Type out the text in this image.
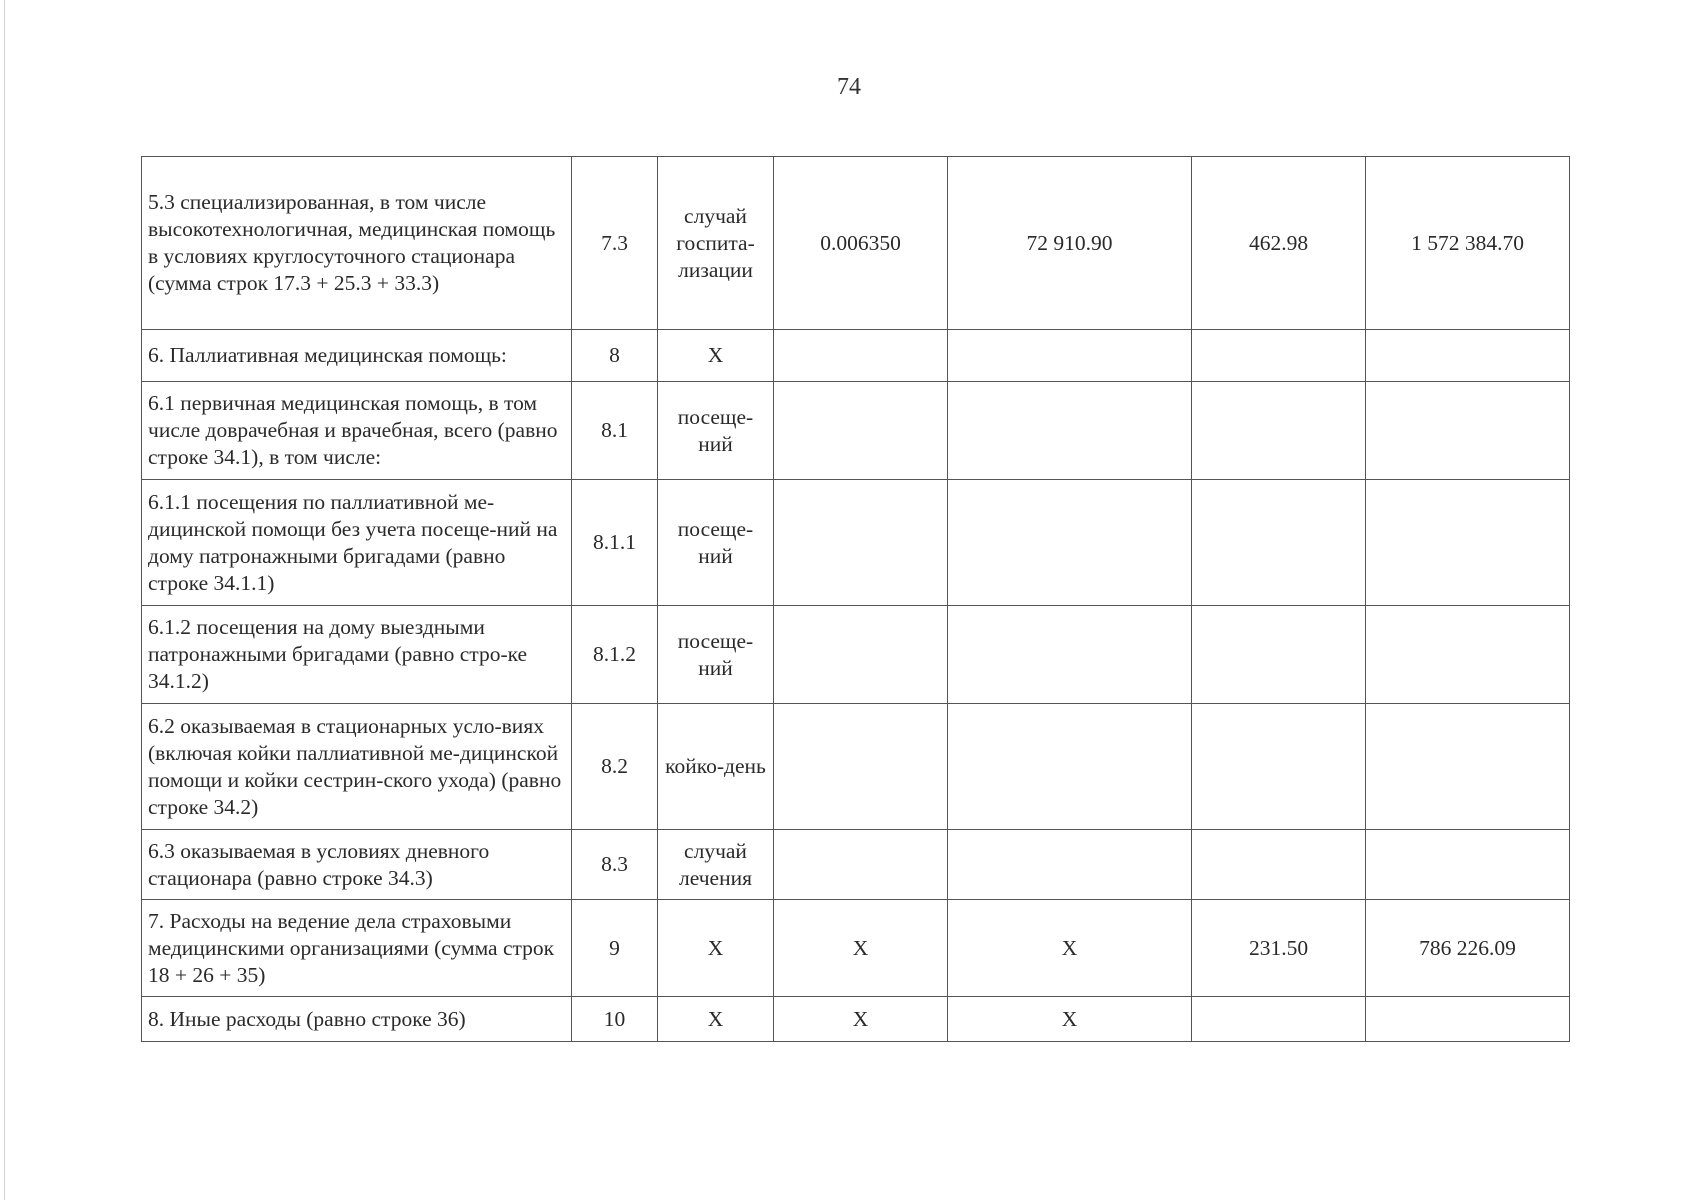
74
5.3 специализированная, в том числе высокотехнологичная, медицинская помощь в условиях круглосуточного стационара (сумма строк 17.3 + 25.3 + 33.3)	7.3	случай госпита-лизации	0.006350	72 910.90	462.98	1 572 384.70
6. Паллиативная медицинская помощь:	8	X				
6.1 первичная медицинская помощь, в том числе доврачебная и врачебная, всего (равно строке 34.1), в том числе:	8.1	посеще-ний				
6.1.1 посещения по паллиативной ме-дицинской помощи без учета посеще-ний на дому патронажными бригадами (равно строке 34.1.1)	8.1.1	посеще-ний				
6.1.2 посещения на дому выездными патронажными бригадами (равно стро-ке 34.1.2)	8.1.2	посеще-ний				
6.2 оказываемая в стационарных усло-виях (включая койки паллиативной ме-дицинской помощи и койки сестрин-ского ухода) (равно строке 34.2)	8.2	койко-день				
6.3 оказываемая в условиях дневного стационара (равно строке 34.3)	8.3	случай лечения				
7. Расходы на ведение дела страховыми медицинскими организациями (сумма строк 18 + 26 + 35)	9	X	X	X	231.50	786 226.09
8. Иные расходы (равно строке 36)	10	X	X	X		
